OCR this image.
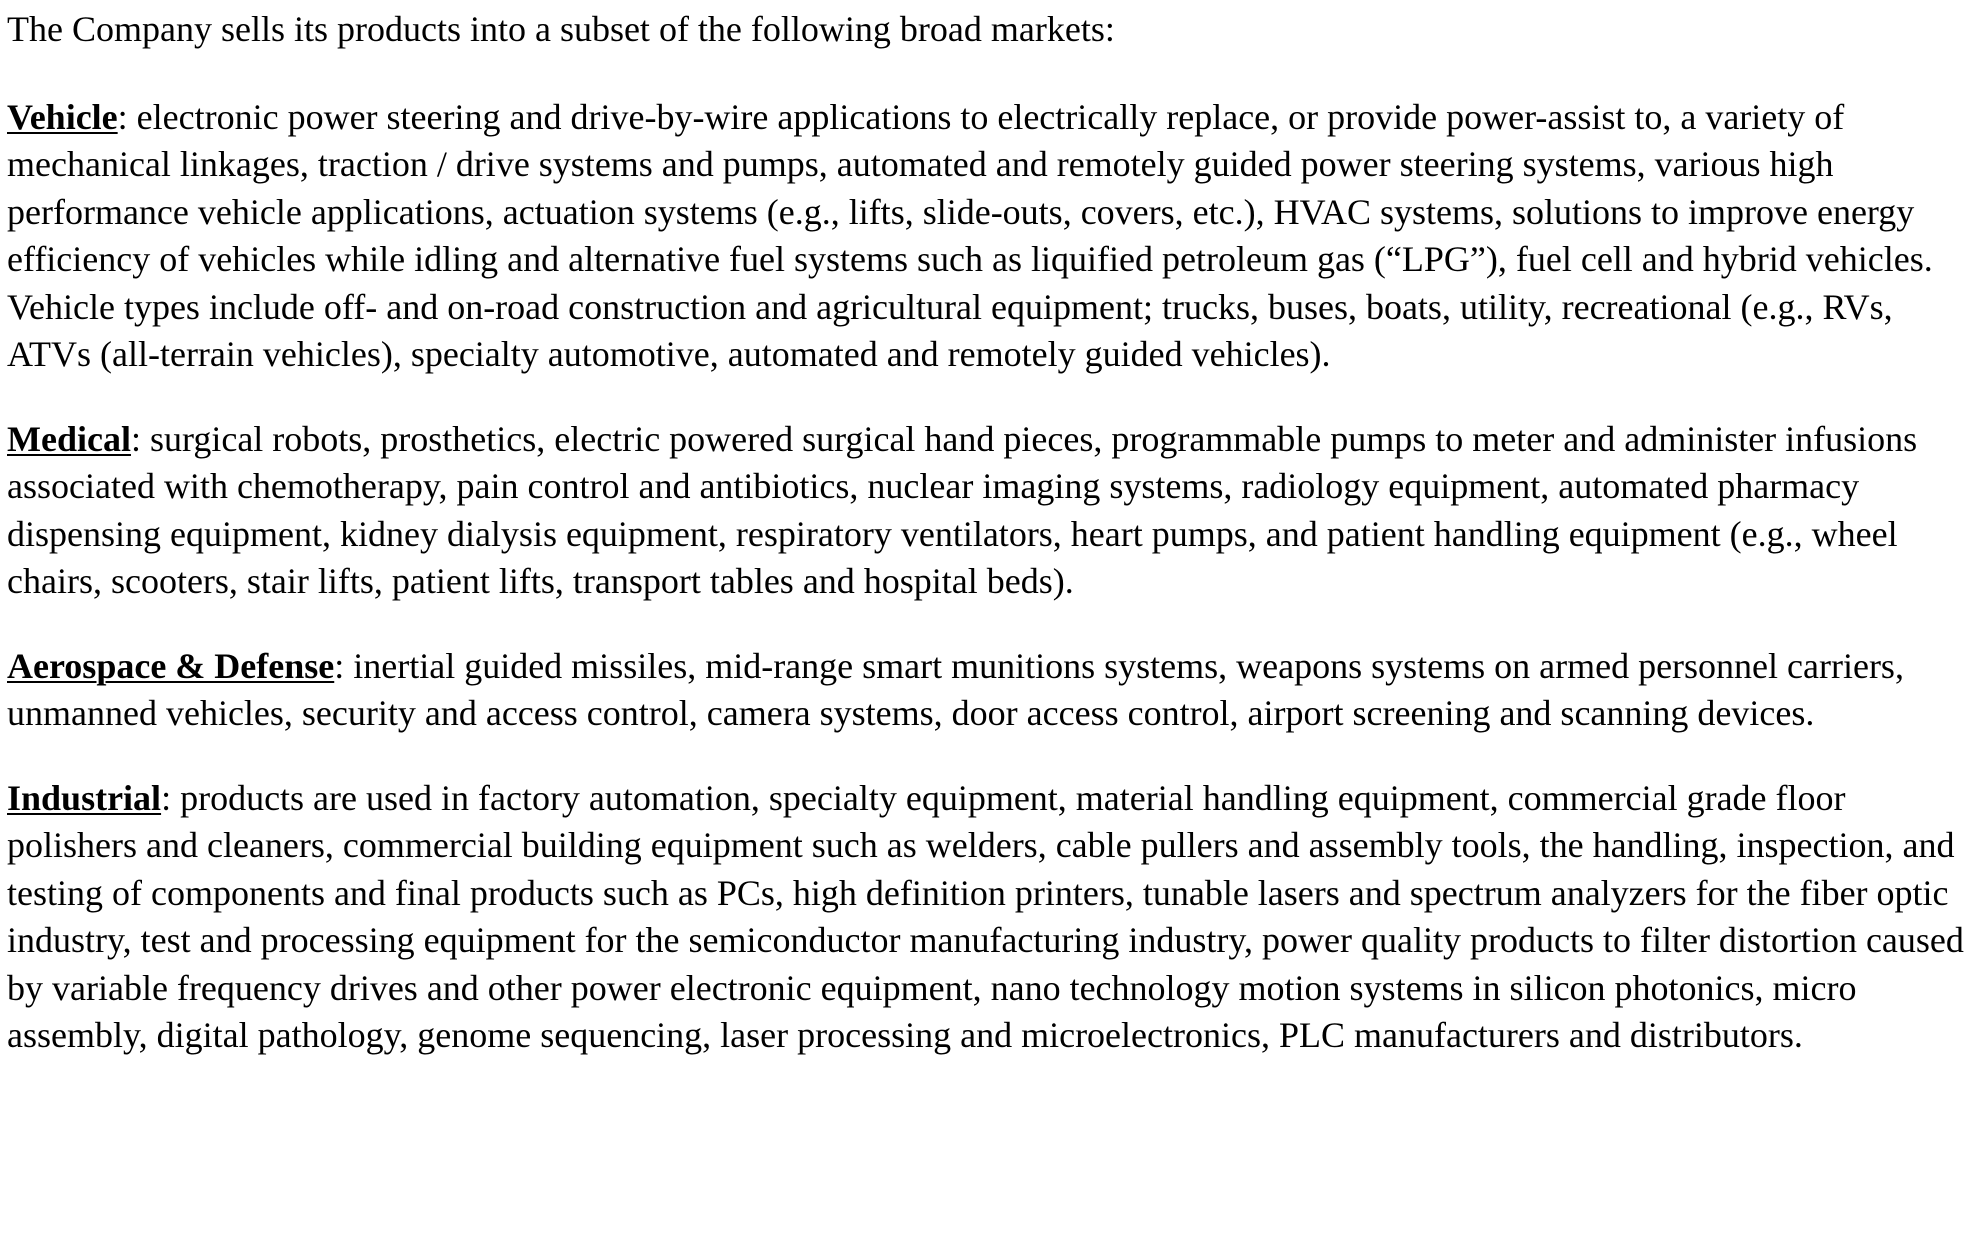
The Company sells its products into a subset of the following broad markets:

Vehicle: electronic power steering and drive-by-wire applications to electrically replace, or provide power-assist to, a variety of mechanical linkages, traction / drive systems and pumps, automated and remotely guided power steering systems, various high performance vehicle applications, actuation systems (e.g., lifts, slide-outs, covers, etc.), HVAC systems, solutions to improve energy efficiency of vehicles while idling and alternative fuel systems such as liquified petroleum gas (“LPG”), fuel cell and hybrid vehicles. Vehicle types include off- and on-road construction and agricultural equipment; trucks, buses, boats, utility, recreational (e.g., RVs, ATVs (all-terrain vehicles), specialty automotive, automated and remotely guided vehicles).

Medical: surgical robots, prosthetics, electric powered surgical hand pieces, programmable pumps to meter and administer infusions associated with chemotherapy, pain control and antibiotics, nuclear imaging systems, radiology equipment, automated pharmacy dispensing equipment, kidney dialysis equipment, respiratory ventilators, heart pumps, and patient handling equipment (e.g., wheel chairs, scooters, stair lifts, patient lifts, transport tables and hospital beds).

Aerospace & Defense: inertial guided missiles, mid-range smart munitions systems, weapons systems on armed personnel carriers, unmanned vehicles, security and access control, camera systems, door access control, airport screening and scanning devices.

Industrial: products are used in factory automation, specialty equipment, material handling equipment, commercial grade floor polishers and cleaners, commercial building equipment such as welders, cable pullers and assembly tools, the handling, inspection, and testing of components and final products such as PCs, high definition printers, tunable lasers and spectrum analyzers for the fiber optic industry, test and processing equipment for the semiconductor manufacturing industry, power quality products to filter distortion caused by variable frequency drives and other power electronic equipment, nano technology motion systems in silicon photonics, micro assembly, digital pathology, genome sequencing, laser processing and microelectronics, PLC manufacturers and distributors.
